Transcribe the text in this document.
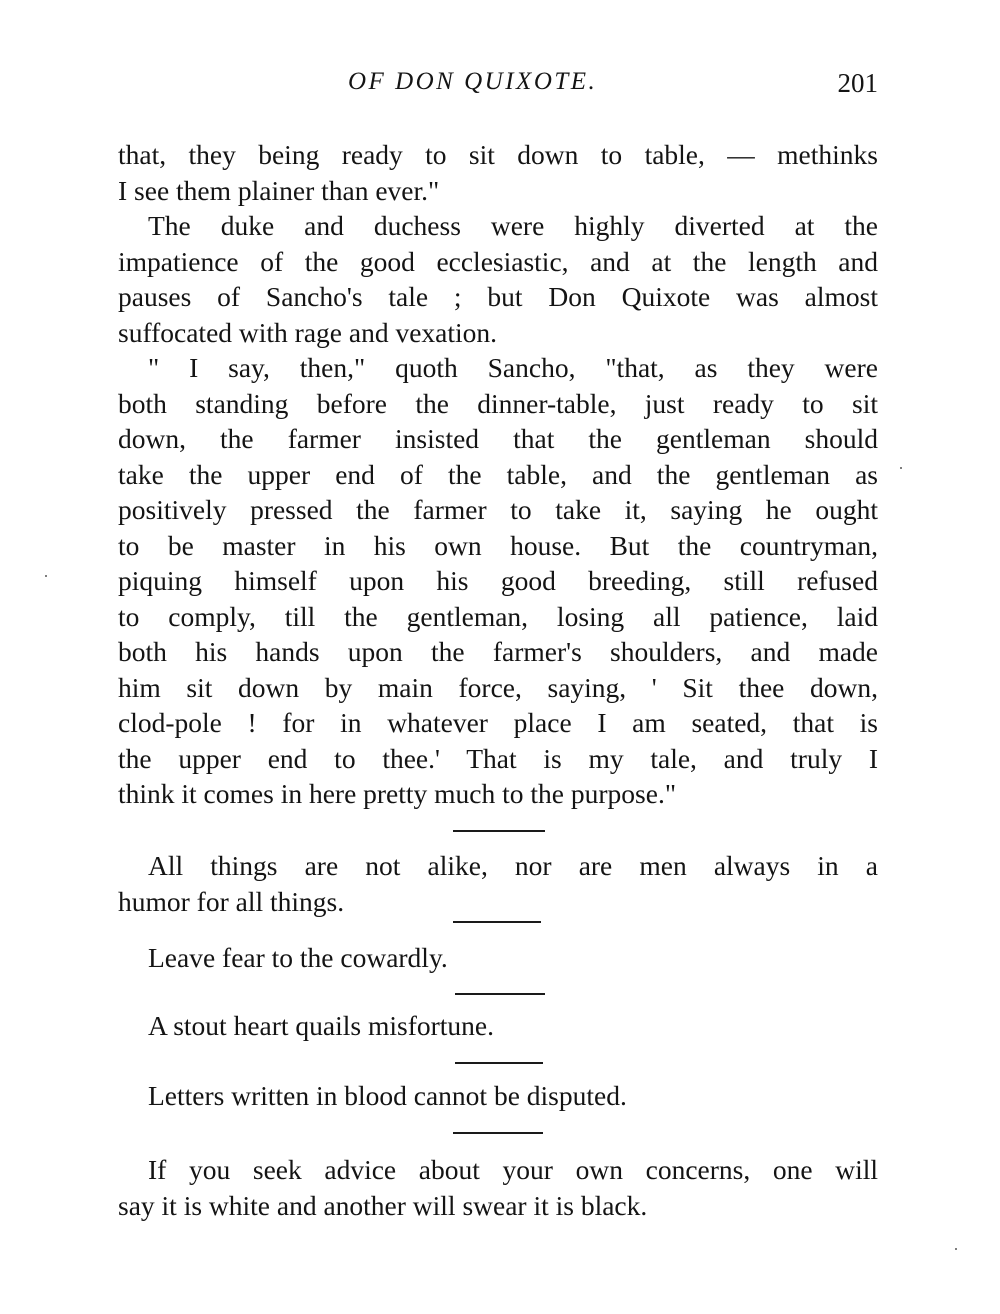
OF DON QUIXOTE.	201
that, they being ready to sit down to table, — methinks
I see them plainer than ever."
The duke and duchess were highly diverted at the
impatience of the good ecclesiastic, and at the length and
pauses of Sancho's tale ; but Don Quixote was almost
suffocated with rage and vexation.
" I say, then," quoth Sancho, "that, as they were
both standing before the dinner-table, just ready to sit
down, the farmer insisted that the gentleman should
take the upper end of the table, and the gentleman as
positively pressed the farmer to take it, saying he ought
to be master in his own house. But the countryman,
piquing himself upon his good breeding, still refused
to comply, till the gentleman, losing all patience, laid
both his hands upon the farmer's shoulders, and made
him sit down by main force, saying, ' Sit thee down,
clod-pole ! for in whatever place I am seated, that is
the upper end to thee.' That is my tale, and truly I
think it comes in here pretty much to the purpose."
All things are not alike, nor are men always in a
humor for all things.
Leave fear to the cowardly.
A stout heart quails misfortune.
Letters written in blood cannot be disputed.
If you seek advice about your own concerns, one will
say it is white and another will swear it is black.
